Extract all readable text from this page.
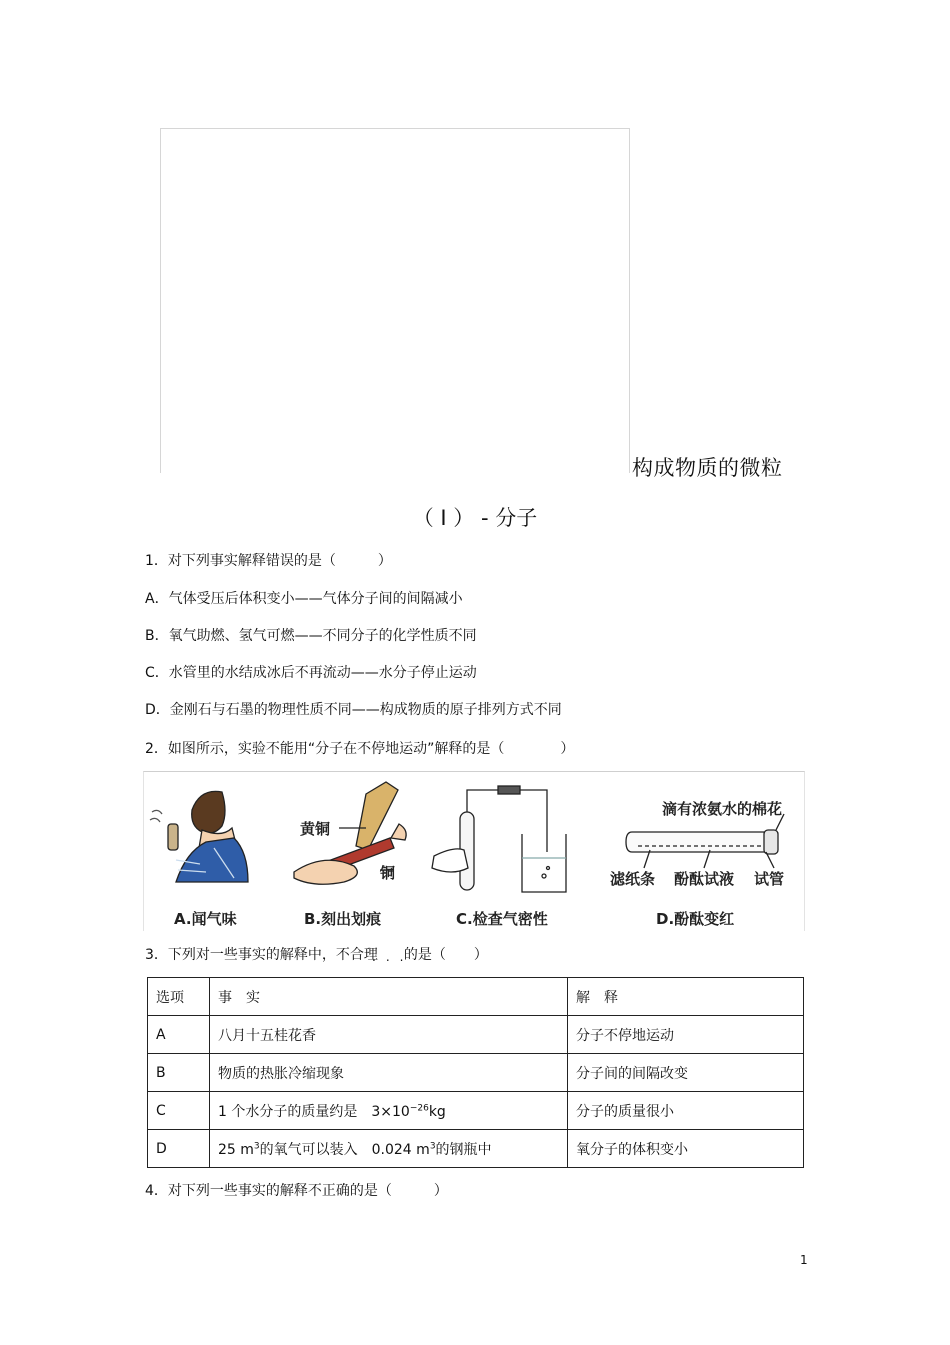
构成物质的微粒
（ I ） - 分子
1．对下列事实解释错误的是（　　　）
A．气体受压后体积变小——气体分子间的间隔减小
B．氧气助燃、氢气可燃——不同分子的化学性质不同
C．水管里的水结成冰后不再流动——水分子停止运动
D．金刚石与石墨的物理性质不同——构成物质的原子排列方式不同
2．如图所示，实验不能用“分子在不停地运动”解释的是（　　　　）
黄铜
铜
滴有浓氨水的棉花
滤纸条 酚酞试液 试管
A.闻气味	B.刻出划痕	C.检查气密性	D.酚酞变红
3．下列对一些事实的解释中，不合理 的是（　　）
...
选项	事　实	解　释
A	八月十五桂花香	分子不停地运动
B	物质的热胀冷缩现象	分子间的间隔改变
C	1 个水分子的质量约是　$3\times 10^{-26}kg$	分子的质量很小
D	25 $m^3$的氧气可以装入　0.024 $m^3$的钢瓶中	氧分子的体积变小
4．对下列一些事实的解释不正确的是（　　　）
1
